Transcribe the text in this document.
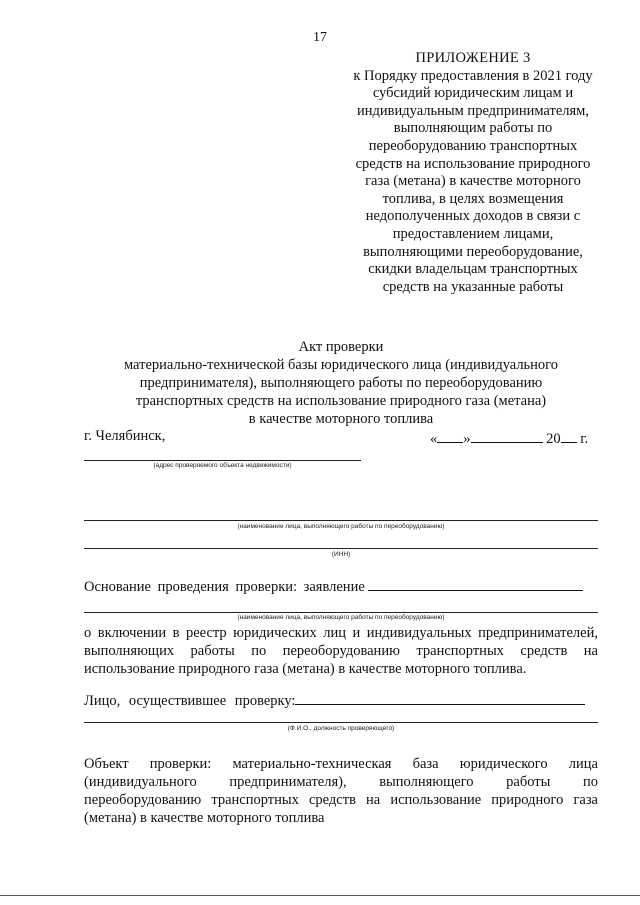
17
ПРИЛОЖЕНИЕ 3
к Порядку предоставления в 2021 году
субсидий юридическим лицам и
индивидуальным предпринимателям,
выполняющим работы по
переоборудованию транспортных
средств на использование природного
газа (метана) в качестве моторного
топлива, в целях возмещения
недополученных доходов в связи с
предоставлением лицами,
выполняющими переоборудование,
скидки владельцам транспортных
средств на указанные работы
Акт проверки
материально-технической базы юридического лица (индивидуального
предпринимателя), выполняющего работы по переоборудованию
транспортных средств на использование природного газа (метана)
в качестве моторного топлива
г. Челябинск,	« »	20 г.
(адрес проверяемого объекта недвижимости)
(наименование лица, выполняющего работы по переоборудованию)
(ИНН)
Основание проведения проверки: заявление
(наименование лица, выполняющего работы по переоборудованию)
о включении в реестр юридических лиц и индивидуальных предпринимателей,
выполняющих работы по переоборудованию транспортных средств на
использование природного газа (метана) в качестве моторного топлива.
Лицо, осуществившее проверку:
(Ф.И.О., должность проверяющего)
Объект проверки: материально-техническая база юридического лица
(индивидуального предпринимателя), выполняющего работы по
переоборудованию транспортных средств на использование природного газа
(метана) в качестве моторного топлива
